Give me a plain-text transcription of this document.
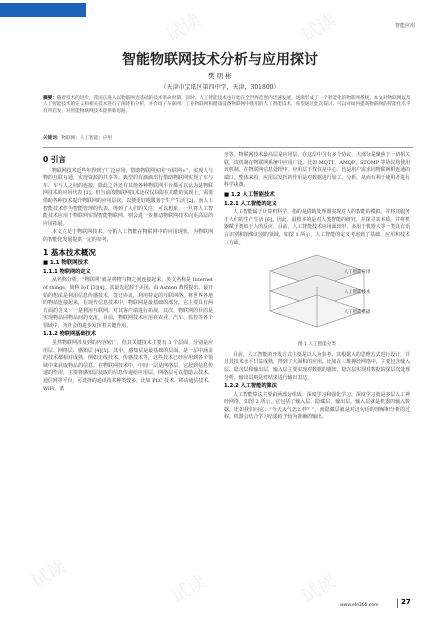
智能应用
试读	试读
试读	试读	试读
智能物联网技术分析与应用探讨
樊 明 彬
（天津市宝坻区第四中学，天津，301800）
摘要：随着技术的进步，我国正进入以物联网为基础的技术革命时期。同时，人工智能技术也开始在全世界范围内迅速发展，逐渐形成了一个智能化的物联网系统。本文对物联网以及人工智能技术的定义和相关技术进行了阐述和分析，并介绍了车联网、工业物联网和健康设备物联网中使用的人工智能技术，希望通过此次探讨，可以对如何提高物联网的智能化水平有所启发，对智能物联网技术提供新思路。
关键词：物联网；人工智能；应用
0 引言

物联网技术近些年得到了广泛应用，借助物联网实现“互联网+”，实现人与物的互联互通，实现资源的共享等。典型的有滴滴出行借助物联网实现了车与车、车与人之间的连接，除此之外还有其他各种物联网平台都可以认为是物联网技术的应用代表 [1]。但当前的物联网技术还仅仅局限在功能的实现上，需要借助各种技术提升物联网的应用层次，以便更好地服务于生产生活 [2]。而人工智能技术作为智能管理的代表，得到了人们的关注，可以想象，一旦将人工智能技术应用于物联网实现智能物联网，则会进一步推动物联网技术向更高层的应用拓展。

本文立足于物联网技术，分析人工智能在物联网中的应用现状，为物联网的智能化发展提供一定的参考。

1 基本技术概况
■ 1.1 物联网技术
1.1.1 物联网的定义

从名称分析，“物联网”就是将物与物之间连接起来，英文名称是 Internet of things，简称 IoT [3][4]。其最先起源于美国，由 Ashton 教授提出。最开始的想法是利用信息传感技术，签订协议，利用特定的互联网络，将世界各地的物品连接起来，在现代信息技术中，物联网是最基础的部分。它主要具有两方面的含义：一是利用互联网，对其客户端进行拓展，其次，物联网的目的是实现物品同物品间的交流。目前，物联网技术应用在农业、汽车、监控等各个领域中，为社会的进步发挥着关键作用。

1.1.2 物联网基础技术

虽然物联网涉及到的内容较广，但其关键技术主要有 3 个层面，分别是应用层、网络层、感知层 [4][5]。其中，感知层是最基础的层面，是一层中涵盖的技术都相对成熟，例如无线技术、传感技术等，这些技术已经应用到各个领域中来获取物品的信息。在物联网技术中，中间一层是网络层，它起到信息传递的作用，主要将感知层获取的信息传递给应用层，网络层可以借助云技术、通信网等平台，可选择的通讯技术种类较多，比如 PLC 技术、移动通信技术、WiFi、蓝

牙等。物联网技术最高层是应用层，在这层中含有多个协议，大部分是聚焦于一切相关联，该机制在物联网系统中应用广泛，比如 MQTT、AMQP、STOMP 等协议均使用该机制。在物联网信息处理中，应用层不仅仅是中心，也是用户需求同物联网相连通的端口。整体来看，应用层发挥的作用是对数据进行加工、分析，从而有利于使用者进行科学决策。

■ 1.2 人工智能技术
1.2.1 人工智能的定义

人工智能属于计算机科学，指的是借助处理器实现对人的智能的模拟，并将其服务于人们的生产生活 [6]。因此，最根本的是对人类智能的研究，并探寻其本质，并将机器赋予类似于人的反应。目前，人工智能技术应用面较窄，多用于机器人等一类具有语言识别和图像识别的领域，如图 1 所示，人工智能的定义考虑到了基础、应用和技术三方面。

人工智能应用
人工智能技术
人工智能基础
图 1 人工智能分类

目前，人工智能的开发方式主要是以人为参考，其根据人的思维方式进行设计，并且其技术水平日益成熟，得到了大面积的应用。比如在三维神经网络中，主要包含输入层、隐含层和输出层，输入层主要实现对数据的感知，隐含层实现对数据的深层次处理分析，输出层则是对结果进行输出表达。

1.2.2 人工智能的算法

人工智能算法主要由两部分组成：深度学习和强化学习。深度学习就是多层人工神经网络，如图 2 所示，它包括了输入层、隐藏层、输出层。输入层就是机器的输入数据，比如我们问它：“今天天气怎么样？”，而隐藏层就是对这句话的理解和分析的过程，机器会结合学习结果给予较为准确的输出。

www.ele365.com	27
